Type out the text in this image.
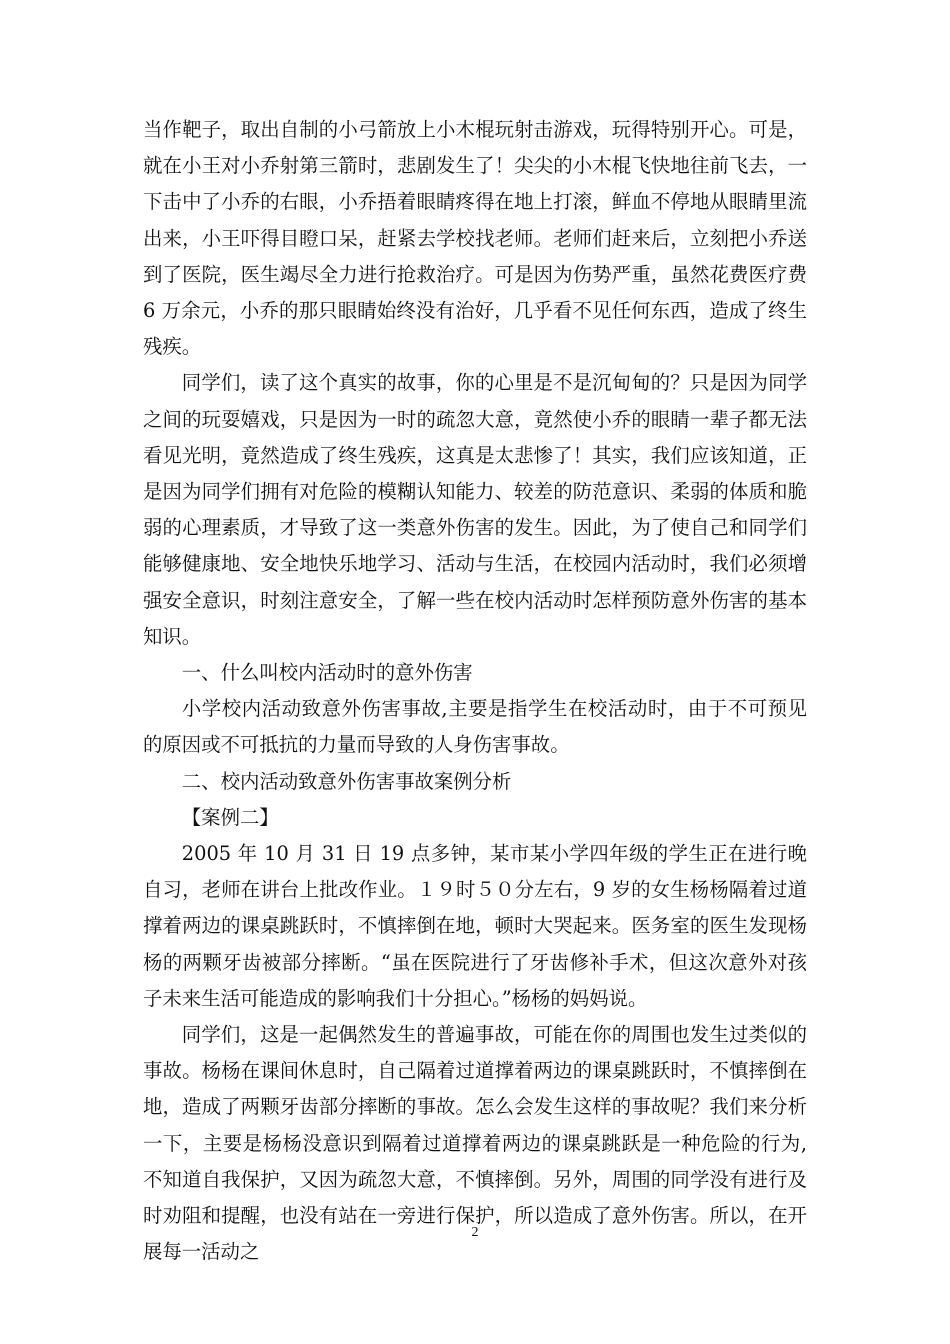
当作靶子，取出自制的小弓箭放上小木棍玩射击游戏，玩得特别开心。可是，就在小王对小乔射第三箭时，悲剧发生了！尖尖的小木棍飞快地往前飞去，一下击中了小乔的右眼，小乔捂着眼睛疼得在地上打滚，鲜血不停地从眼睛里流出来，小王吓得目瞪口呆，赶紧去学校找老师。老师们赶来后，立刻把小乔送到了医院，医生竭尽全力进行抢救治疗。可是因为伤势严重，虽然花费医疗费 6 万余元，小乔的那只眼睛始终没有治好，几乎看不见任何东西，造成了终生残疾。

同学们，读了这个真实的故事，你的心里是不是沉甸甸的？只是因为同学之间的玩耍嬉戏，只是因为一时的疏忽大意，竟然使小乔的眼睛一辈子都无法看见光明，竟然造成了终生残疾，这真是太悲惨了！其实，我们应该知道，正是因为同学们拥有对危险的模糊认知能力、较差的防范意识、柔弱的体质和脆弱的心理素质，才导致了这一类意外伤害的发生。因此，为了使自己和同学们能够健康地、安全地快乐地学习、活动与生活，在校园内活动时，我们必须增强安全意识，时刻注意安全，了解一些在校内活动时怎样预防意外伤害的基本知识。

一、什么叫校内活动时的意外伤害

小学校内活动致意外伤害事故,主要是指学生在校活动时，由于不可预见的原因或不可抵抗的力量而导致的人身伤害事故。

二、校内活动致意外伤害事故案例分析

【案例二】

2005 年 10 月 31 日 19 点多钟，某市某小学四年级的学生正在进行晚自习，老师在讲台上批改作业。１９时５０分左右，9 岁的女生杨杨隔着过道撑着两边的课桌跳跃时，不慎摔倒在地，顿时大哭起来。医务室的医生发现杨杨的两颗牙齿被部分摔断。“虽在医院进行了牙齿修补手术，但这次意外对孩子未来生活可能造成的影响我们十分担心。”杨杨的妈妈说。

同学们，这是一起偶然发生的普遍事故，可能在你的周围也发生过类似的事故。杨杨在课间休息时，自己隔着过道撑着两边的课桌跳跃时，不慎摔倒在地，造成了两颗牙齿部分摔断的事故。怎么会发生这样的事故呢？我们来分析一下，主要是杨杨没意识到隔着过道撑着两边的课桌跳跃是一种危险的行为,不知道自我保护，又因为疏忽大意，不慎摔倒。另外，周围的同学没有进行及时劝阻和提醒，也没有站在一旁进行保护，所以造成了意外伤害。所以，在开展每一活动之

2
